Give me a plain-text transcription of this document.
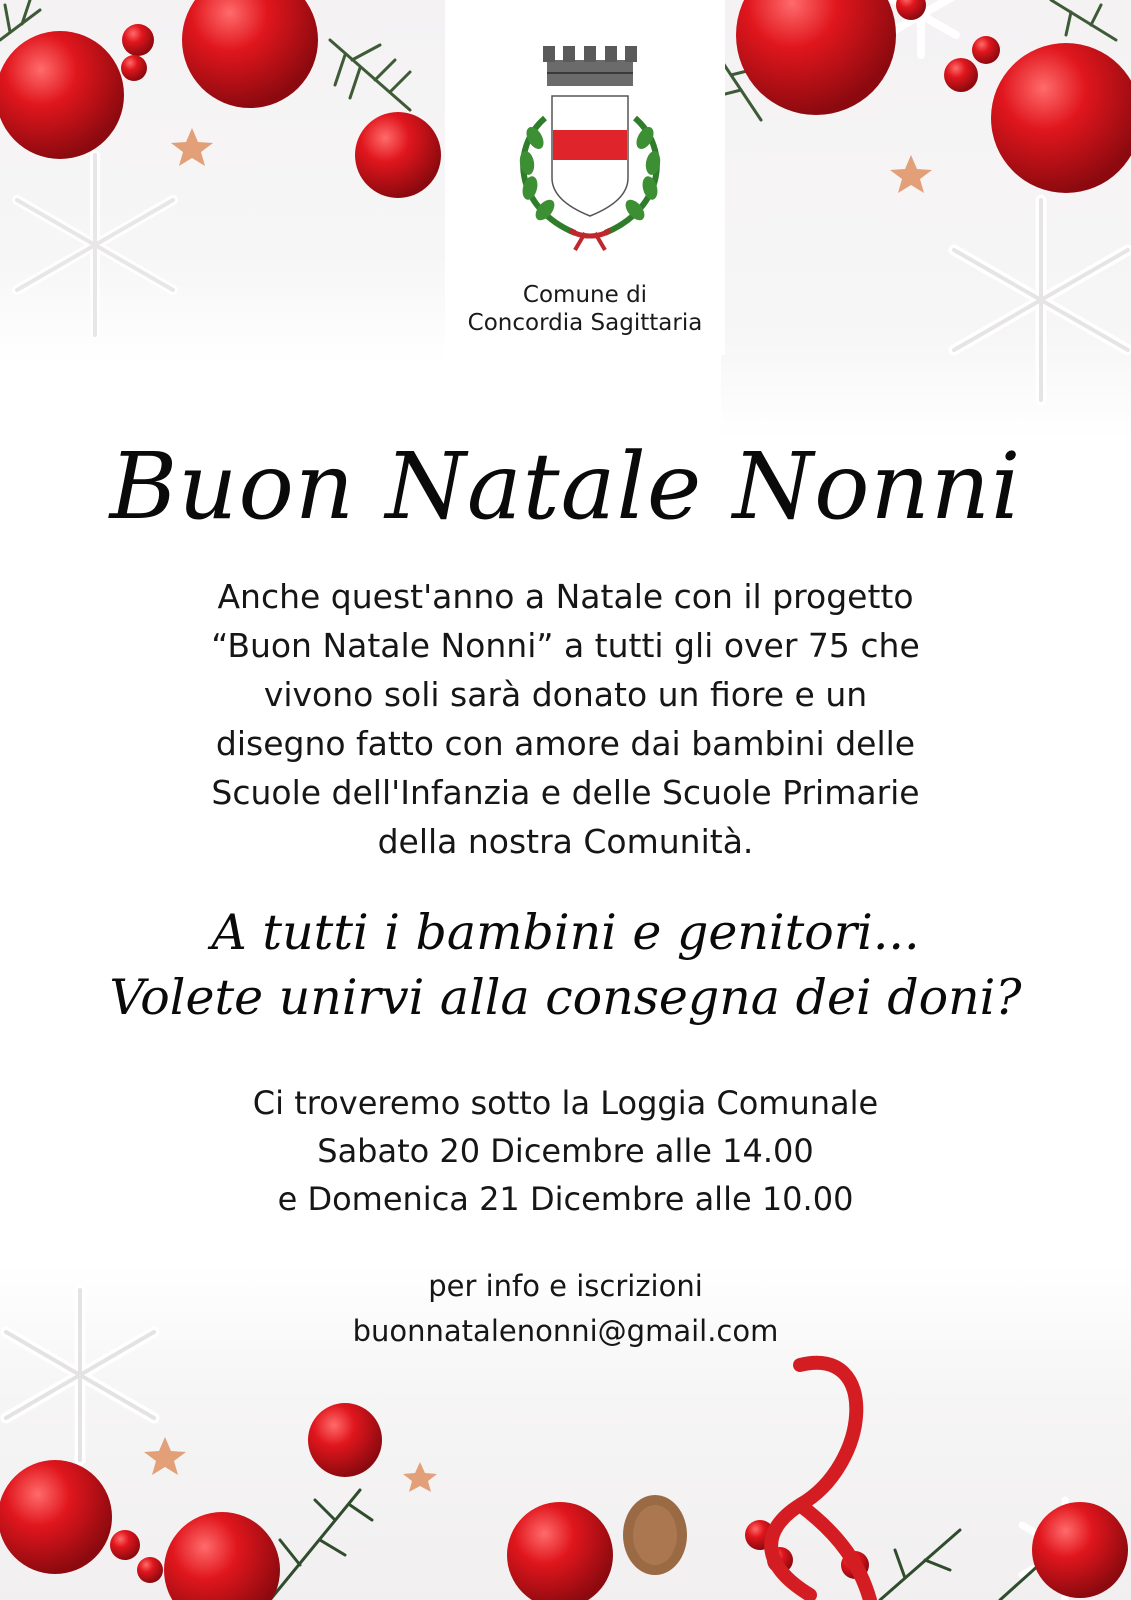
Comune di
Concordia Sagittaria
Buon Natale Nonni
Anche quest'anno a Natale con il progetto
“Buon Natale Nonni” a tutti gli over 75 che
vivono soli sarà donato un fiore e un
disegno fatto con amore dai bambini delle
Scuole dell'Infanzia e delle Scuole Primarie
della nostra Comunità.
A tutti i bambini e genitori...
Volete unirvi alla consegna dei doni?
Ci troveremo sotto la Loggia Comunale
Sabato 20 Dicembre alle 14.00
e Domenica 21 Dicembre alle 10.00
per info e iscrizioni
buonnatalenonni@gmail.com
